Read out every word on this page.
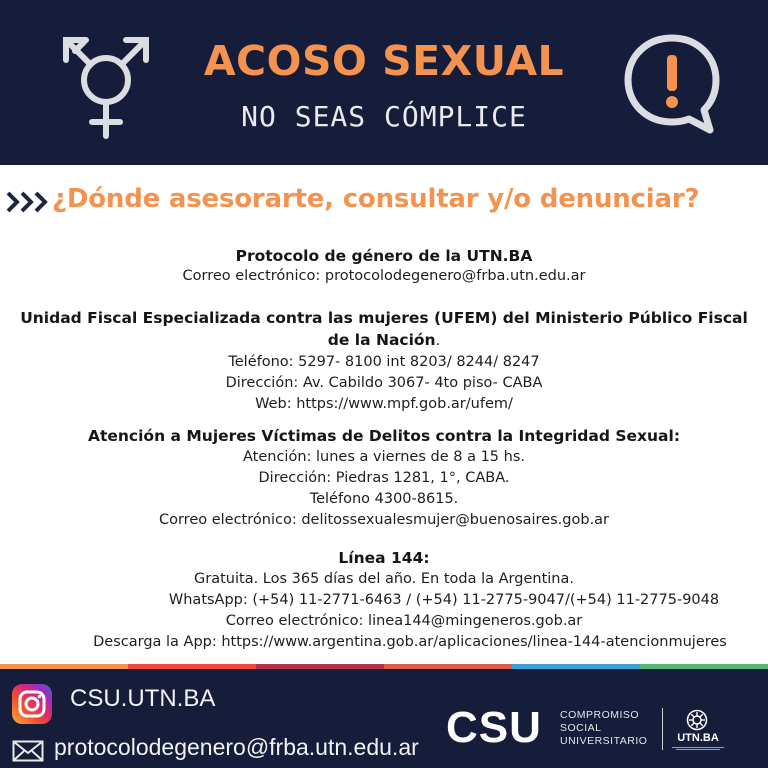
ACOSO SEXUAL
NO SEAS CÓMPLICE
¿Dónde asesorarte, consultar y/o denunciar?
Protocolo de género de la UTN.BA
Correo electrónico: protocolodegenero@frba.utn.edu.ar
Unidad Fiscal Especializada contra las mujeres (UFEM) del Ministerio Público Fiscal
de la Nación.
Teléfono: 5297- 8100 int 8203/ 8244/ 8247
Dirección: Av. Cabildo 3067- 4to piso- CABA
Web: https://www.mpf.gob.ar/ufem/
Atención a Mujeres Víctimas de Delitos contra la Integridad Sexual:
Atención: lunes a viernes de 8 a 15 hs.
Dirección: Piedras 1281, 1°, CABA.
Teléfono 4300-8615.
Correo electrónico: delitossexualesmujer@buenosaires.gob.ar
Línea 144:
Gratuita. Los 365 días del año. En toda la Argentina.
WhatsApp: (+54) 11-2771-6463 / (+54) 11-2775-9047/(+54) 11-2775-9048
Correo electrónico: linea144@mingeneros.gob.ar
Descarga la App: https://www.argentina.gob.ar/aplicaciones/linea-144-atencionmujeres
CSU.UTN.BA
protocolodegenero@frba.utn.edu.ar CSU COMPROMISO
SOCIAL
UNIVERSITARIO	UTN.BA
